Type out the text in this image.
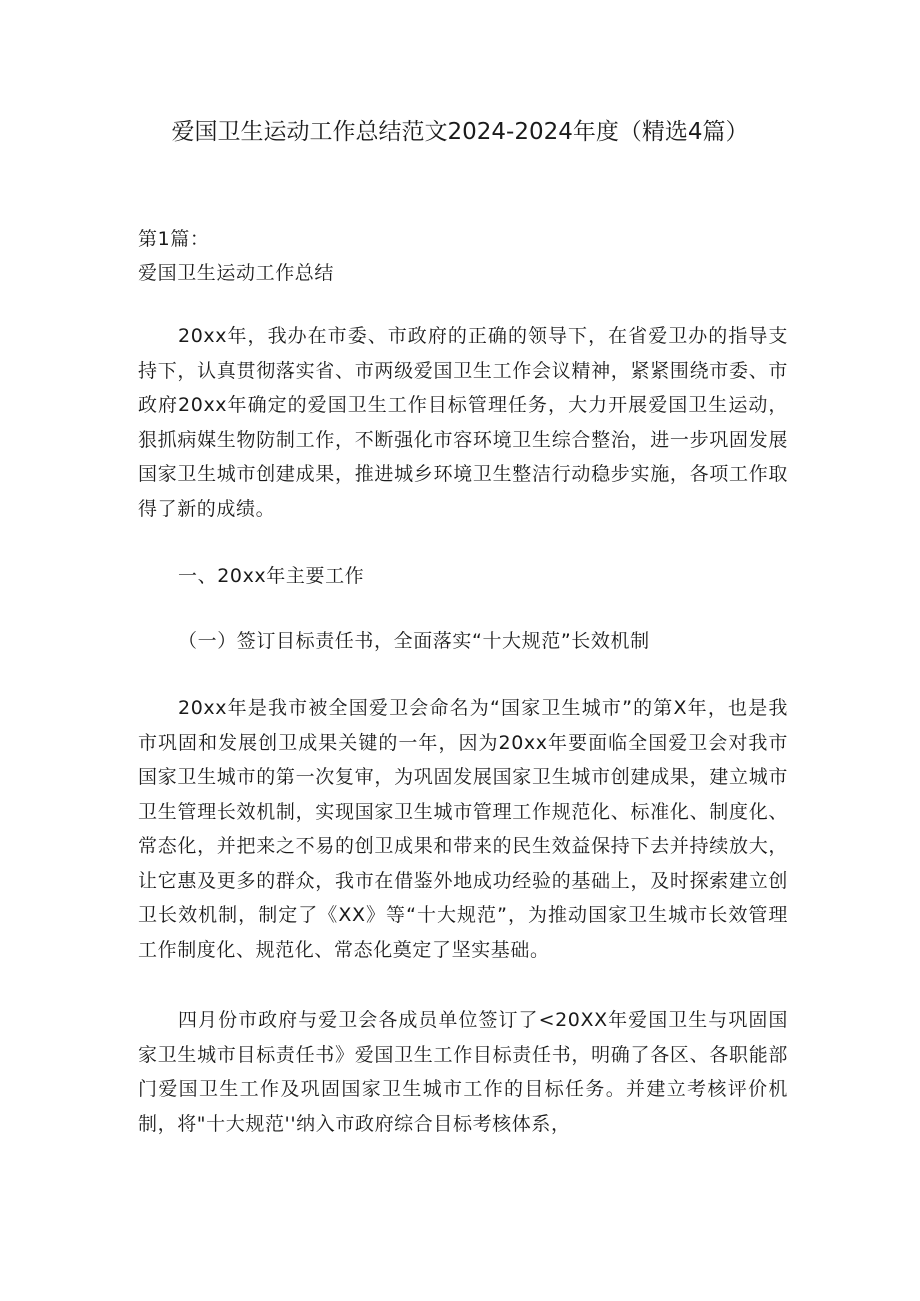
爱国卫生运动工作总结范文2024-2024年度（精选4篇）

第1篇：

爱国卫生运动工作总结

20xx年，我办在市委、市政府的正确的领导下，在省爱卫办的指导支持下，认真贯彻落实省、市两级爱国卫生工作会议精神，紧紧围绕市委、市政府20xx年确定的爱国卫生工作目标管理任务，大力开展爱国卫生运动，狠抓病媒生物防制工作，不断强化市容环境卫生综合整治，进一步巩固发展国家卫生城市创建成果，推进城乡环境卫生整洁行动稳步实施，各项工作取得了新的成绩。

一、20xx年主要工作

（一）签订目标责任书，全面落实“十大规范”长效机制

20xx年是我市被全国爱卫会命名为“国家卫生城市”的第X年，也是我市巩固和发展创卫成果关键的一年，因为20xx年要面临全国爱卫会对我市国家卫生城市的第一次复审，为巩固发展国家卫生城市创建成果，建立城市卫生管理长效机制，实现国家卫生城市管理工作规范化、标准化、制度化、常态化，并把来之不易的创卫成果和带来的民生效益保持下去并持续放大，让它惠及更多的群众，我市在借鉴外地成功经验的基础上，及时探索建立创卫长效机制，制定了《XX》等“十大规范”，为推动国家卫生城市长效管理工作制度化、规范化、常态化奠定了坚实基础。

四月份市政府与爱卫会各成员单位签订了<20XX年爱国卫生与巩固国家卫生城市目标责任书》爱国卫生工作目标责任书，明确了各区、各职能部门爱国卫生工作及巩固国家卫生城市工作的目标任务。并建立考核评价机制，将"十大规范''纳入市政府综合目标考核体系，
